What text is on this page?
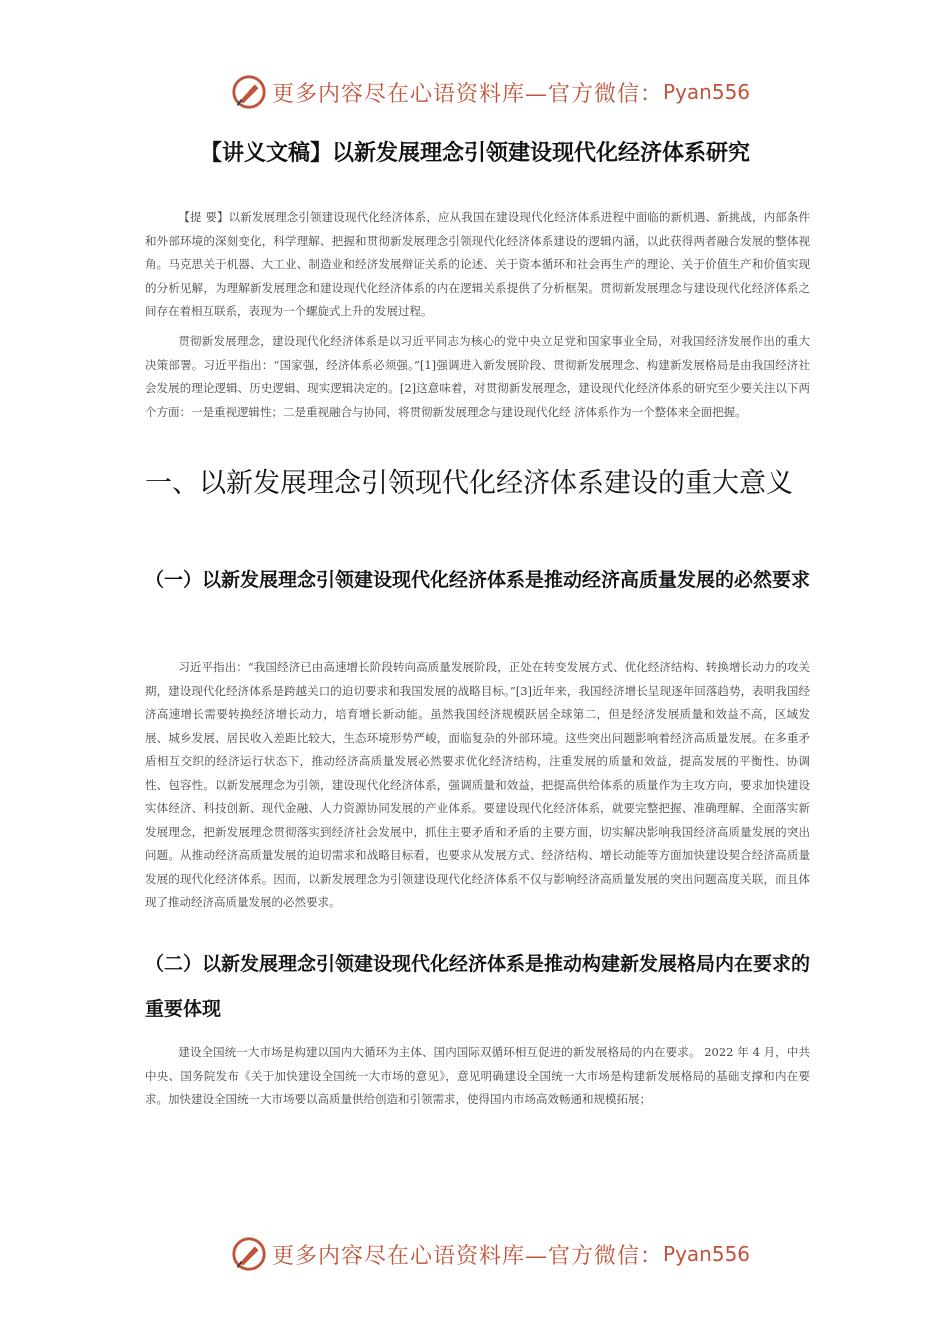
更多内容尽在心语资料库—官方微信： Pyan556
【讲义文稿】以新发展理念引领建设现代化经济体系研究

【提 要】以新发展理念引领建设现代化经济体系，应从我国在建设现代化经济体系进程中面临的新机遇、新挑战，内部条件和外部环境的深刻变化，科学理解、把握和贯彻新发展理念引领现代化经济体系建设的逻辑内涵，以此获得两者融合发展的整体视角。马克思关于机器、大工业、制造业和经济发展辩证关系的论述、关于资本循环和社会再生产的理论、关于价值生产和价值实现的分析见解，为理解新发展理念和建设现代化经济体系的内在逻辑关系提供了分析框架。贯彻新发展理念与建设现代化经济体系之间存在着相互联系，表现为一个螺旋式上升的发展过程。

贯彻新发展理念，建设现代化经济体系是以习近平同志为核心的党中央立足党和国家事业全局，对我国经济发展作出的重大决策部署。习近平指出：“国家强，经济体系必须强。”[1]强调进入新发展阶段、贯彻新发展理念、构建新发展格局是由我国经济社会发展的理论逻辑、历史逻辑、现实逻辑决定的。[2]这意味着，对贯彻新发展理念，建设现代化经济体系的研究至少要关注以下两个方面：一是重视逻辑性；二是重视融合与协同，将贯彻新发展理念与建设现代化经 济体系作为一个整体来全面把握。

一、以新发展理念引领现代化经济体系建设的重大意义
（一）以新发展理念引领建设现代化经济体系是推动经济高质量发展的必然要求

习近平指出：“我国经济已由高速增长阶段转向高质量发展阶段，正处在转变发展方式、优化经济结构、转换增长动力的攻关期，建设现代化经济体系是跨越关口的迫切要求和我国发展的战略目标。”[3]近年来，我国经济增长呈现逐年回落趋势，表明我国经济高速增长需要转换经济增长动力，培育增长新动能。虽然我国经济规模跃居全球第二，但是经济发展质量和效益不高，区域发展、城乡发展、居民收入差距比较大，生态环境形势严峻，面临复杂的外部环境。这些突出问题影响着经济高质量发展。在多重矛盾相互交织的经济运行状态下，推动经济高质量发展必然要求优化经济结构，注重发展的质量和效益，提高发展的平衡性、协调性、包容性。以新发展理念为引领，建设现代化经济体系，强调质量和效益，把提高供给体系的质量作为主攻方向，要求加快建设实体经济、科技创新、现代金融、人力资源协同发展的产业体系。要建设现代化经济体系，就要完整把握、准确理解、全面落实新发展理念，把新发展理念贯彻落实到经济社会发展中，抓住主要矛盾和矛盾的主要方面，切实解决影响我国经济高质量发展的突出问题。从推动经济高质量发展的迫切需求和战略目标看，也要求从发展方式、经济结构、增长动能等方面加快建设契合经济高质量发展的现代化经济体系。因而，以新发展理念为引领建设现代化经济体系不仅与影响经济高质量发展的突出问题高度关联，而且体现了推动经济高质量发展的必然要求。

（二）以新发展理念引领建设现代化经济体系是推动构建新发展格局内在要求的重要体现

建设全国统一大市场是构建以国内大循环为主体、国内国际双循环相互促进的新发展格局的内在要求。 2022 年 4 月，中共中央、国务院发布《关于加快建设全国统一大市场的意见》，意见明确建设全国统一大市场是构建新发展格局的基础支撑和内在要求。加快建设全国统一大市场要以高质量供给创造和引领需求，使得国内市场高效畅通和规模拓展；

更多内容尽在心语资料库—官方微信： Pyan556
